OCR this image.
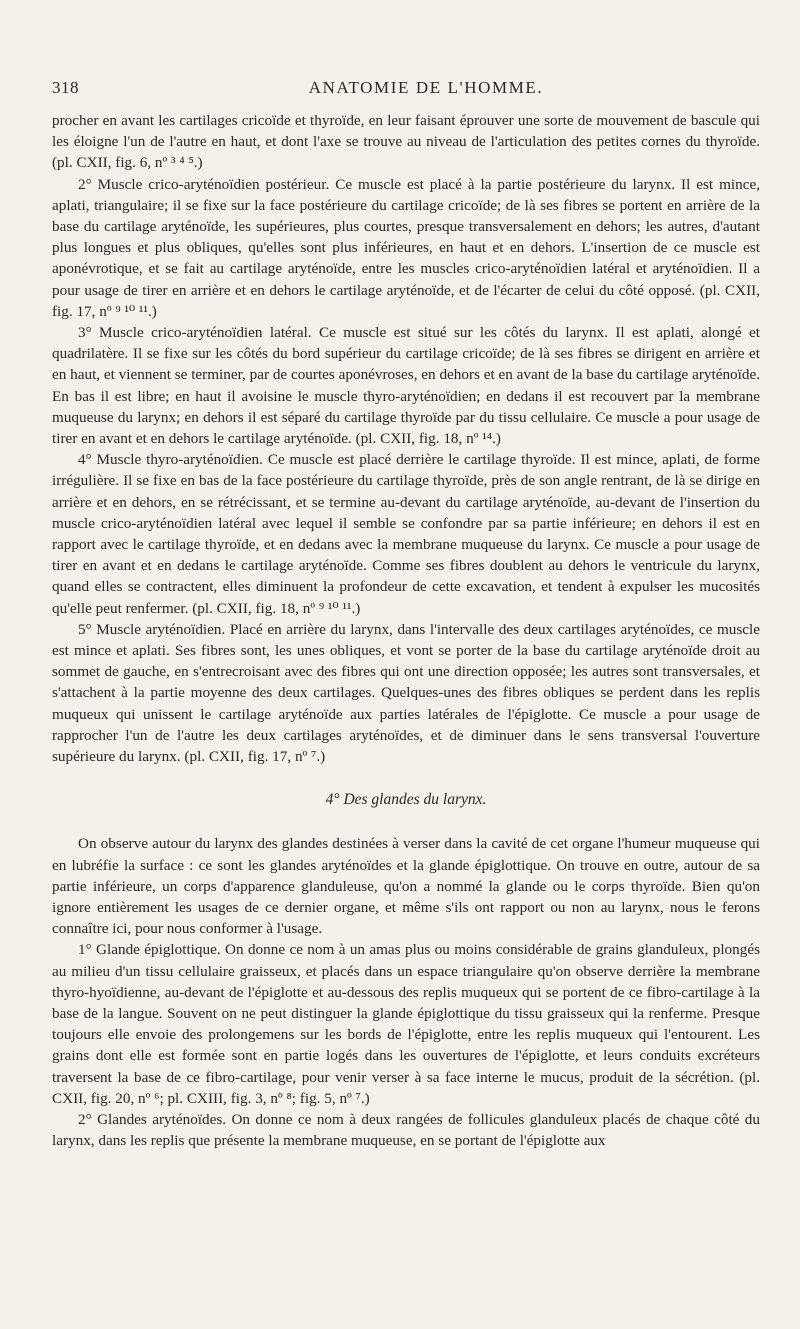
318	ANATOMIE DE L'HOMME.

procher en avant les cartilages cricoïde et thyroïde, en leur faisant éprouver une sorte de mouvement de bascule qui les éloigne l'un de l'autre en haut, et dont l'axe se trouve au niveau de l'articulation des petites cornes du thyroïde. (pl. CXII, fig. 6, nº ³ ⁴ ⁵.)

2° Muscle crico-aryténoïdien postérieur. Ce muscle est placé à la partie postérieure du larynx. Il est mince, aplati, triangulaire; il se fixe sur la face postérieure du cartilage cricoïde; de là ses fibres se portent en arrière de la base du cartilage aryténoïde, les supérieures, plus courtes, presque transversalement en dehors; les autres, d'autant plus longues et plus obliques, qu'elles sont plus inférieures, en haut et en dehors. L'insertion de ce muscle est aponévrotique, et se fait au cartilage aryténoïde, entre les muscles crico-aryténoïdien latéral et aryténoïdien. Il a pour usage de tirer en arrière et en dehors le cartilage aryténoïde, et de l'écarter de celui du côté opposé. (pl. CXII, fig. 17, nº ⁹ ¹⁰ ¹¹.)

3° Muscle crico-aryténoïdien latéral. Ce muscle est situé sur les côtés du larynx. Il est aplati, alongé et quadrilatère. Il se fixe sur les côtés du bord supérieur du cartilage cricoïde; de là ses fibres se dirigent en arrière et en haut, et viennent se terminer, par de courtes aponévroses, en dehors et en avant de la base du cartilage aryténoïde. En bas il est libre; en haut il avoisine le muscle thyro-aryténoïdien; en dedans il est recouvert par la membrane muqueuse du larynx; en dehors il est séparé du cartilage thyroïde par du tissu cellulaire. Ce muscle a pour usage de tirer en avant et en dehors le cartilage aryténoïde. (pl. CXII, fig. 18, nº ¹⁴.)

4° Muscle thyro-aryténoïdien. Ce muscle est placé derrière le cartilage thyroïde. Il est mince, aplati, de forme irrégulière. Il se fixe en bas de la face postérieure du cartilage thyroïde, près de son angle rentrant, de là se dirige en arrière et en dehors, en se rétrécissant, et se termine au-devant du cartilage aryténoïde, au-devant de l'insertion du muscle crico-aryténoïdien latéral avec lequel il semble se confondre par sa partie inférieure; en dehors il est en rapport avec le cartilage thyroïde, et en dedans avec la membrane muqueuse du larynx. Ce muscle a pour usage de tirer en avant et en dedans le cartilage aryténoïde. Comme ses fibres doublent au dehors le ventricule du larynx, quand elles se contractent, elles diminuent la profondeur de cette excavation, et tendent à expulser les mucosités qu'elle peut renfermer. (pl. CXII, fig. 18, nº ⁹ ¹⁰ ¹¹.)

5° Muscle aryténoïdien. Placé en arrière du larynx, dans l'intervalle des deux cartilages aryténoïdes, ce muscle est mince et aplati. Ses fibres sont, les unes obliques, et vont se porter de la base du cartilage aryténoïde droit au sommet de gauche, en s'entrecroisant avec des fibres qui ont une direction opposée; les autres sont transversales, et s'attachent à la partie moyenne des deux cartilages. Quelques-unes des fibres obliques se perdent dans les replis muqueux qui unissent le cartilage aryténoïde aux parties latérales de l'épiglotte. Ce muscle a pour usage de rapprocher l'un de l'autre les deux cartilages aryténoïdes, et de diminuer dans le sens transversal l'ouverture supérieure du larynx. (pl. CXII, fig. 17, nº ⁷.)

4° Des glandes du larynx.

On observe autour du larynx des glandes destinées à verser dans la cavité de cet organe l'humeur muqueuse qui en lubréfie la surface : ce sont les glandes aryténoïdes et la glande épiglottique. On trouve en outre, autour de sa partie inférieure, un corps d'apparence glanduleuse, qu'on a nommé la glande ou le corps thyroïde. Bien qu'on ignore entièrement les usages de ce dernier organe, et même s'ils ont rapport ou non au larynx, nous le ferons connaître ici, pour nous conformer à l'usage.

1° Glande épiglottique. On donne ce nom à un amas plus ou moins considérable de grains glanduleux, plongés au milieu d'un tissu cellulaire graisseux, et placés dans un espace triangulaire qu'on observe derrière la membrane thyro-hyoïdienne, au-devant de l'épiglotte et au-dessous des replis muqueux qui se portent de ce fibro-cartilage à la base de la langue. Souvent on ne peut distinguer la glande épiglottique du tissu graisseux qui la renferme. Presque toujours elle envoie des prolongemens sur les bords de l'épiglotte, entre les replis muqueux qui l'entourent. Les grains dont elle est formée sont en partie logés dans les ouvertures de l'épiglotte, et leurs conduits excréteurs traversent la base de ce fibro-cartilage, pour venir verser à sa face interne le mucus, produit de la sécrétion. (pl. CXII, fig. 20, nº ⁶; pl. CXIII, fig. 3, nº ⁸; fig. 5, nº ⁷.)

2° Glandes aryténoïdes. On donne ce nom à deux rangées de follicules glanduleux placés de chaque côté du larynx, dans les replis que présente la membrane muqueuse, en se portant de l'épiglotte aux
